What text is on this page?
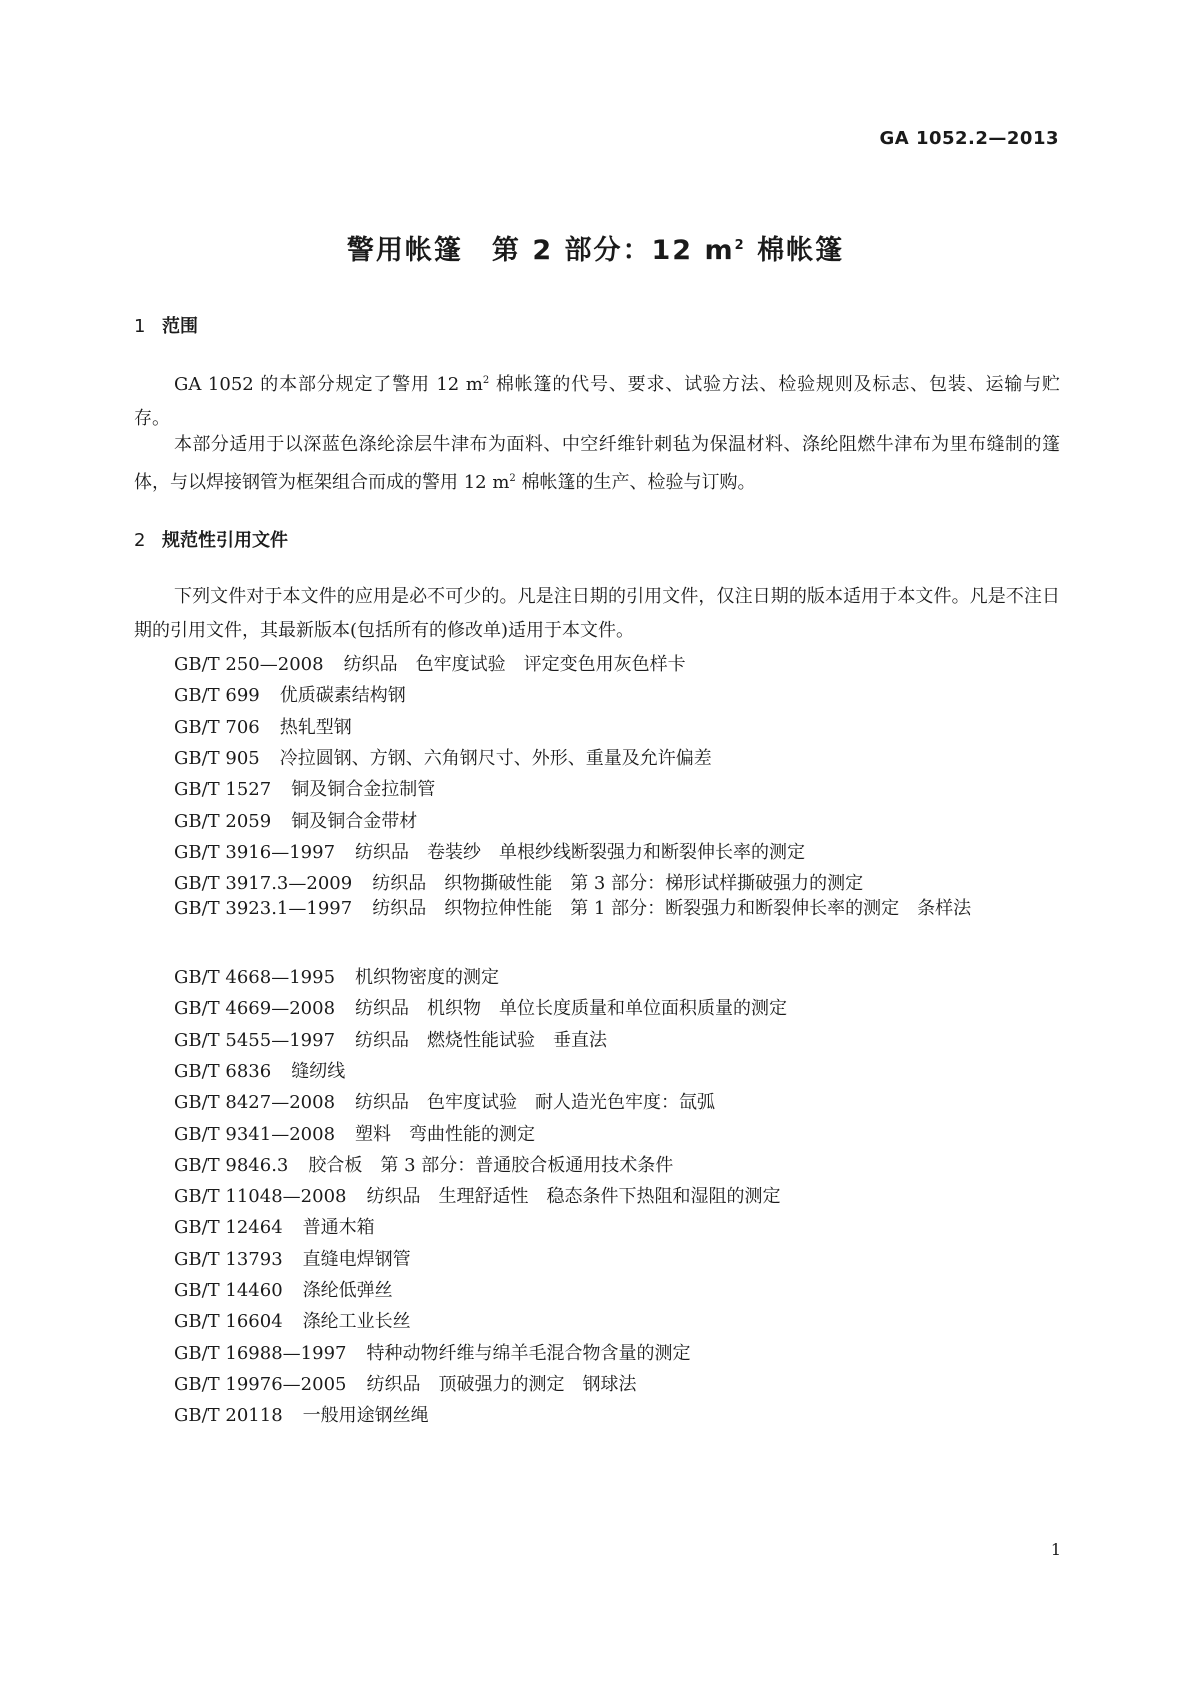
GA 1052.2—2013
警用帐篷　第 2 部分：12 $m^2$ 棉帐篷
1 范围
GA 1052 的本部分规定了警用 12 $m^2$ 棉帐篷的代号、要求、试验方法、检验规则及标志、包装、运输与贮存。
本部分适用于以深蓝色涤纶涂层牛津布为面料、中空纤维针刺毡为保温材料、涤纶阻燃牛津布为里布缝制的篷体，与以焊接钢管为框架组合而成的警用 12 $m^2$ 棉帐篷的生产、检验与订购。
2 规范性引用文件
下列文件对于本文件的应用是必不可少的。凡是注日期的引用文件，仅注日期的版本适用于本文件。凡是不注日期的引用文件，其最新版本(包括所有的修改单)适用于本文件。
GB/T 250—2008 纺织品　色牢度试验　评定变色用灰色样卡
GB/T 699 优质碳素结构钢
GB/T 706 热轧型钢
GB/T 905 冷拉圆钢、方钢、六角钢尺寸、外形、重量及允许偏差
GB/T 1527 铜及铜合金拉制管
GB/T 2059 铜及铜合金带材
GB/T 3916—1997 纺织品　卷装纱　单根纱线断裂强力和断裂伸长率的测定
GB/T 3917.3—2009 纺织品　织物撕破性能　第 3 部分：梯形试样撕破强力的测定
GB/T 3923.1—1997 纺织品　织物拉伸性能　第 1 部分：断裂强力和断裂伸长率的测定　条样法
GB/T 4668—1995 机织物密度的测定
GB/T 4669—2008 纺织品　机织物　单位长度质量和单位面积质量的测定
GB/T 5455—1997 纺织品　燃烧性能试验　垂直法
GB/T 6836 缝纫线
GB/T 8427—2008 纺织品　色牢度试验　耐人造光色牢度：氙弧
GB/T 9341—2008 塑料　弯曲性能的测定
GB/T 9846.3 胶合板　第 3 部分：普通胶合板通用技术条件
GB/T 11048—2008 纺织品　生理舒适性　稳态条件下热阻和湿阻的测定
GB/T 12464 普通木箱
GB/T 13793 直缝电焊钢管
GB/T 14460 涤纶低弹丝
GB/T 16604 涤纶工业长丝
GB/T 16988—1997 特种动物纤维与绵羊毛混合物含量的测定
GB/T 19976—2005 纺织品　顶破强力的测定　钢球法
GB/T 20118 一般用途钢丝绳
1
